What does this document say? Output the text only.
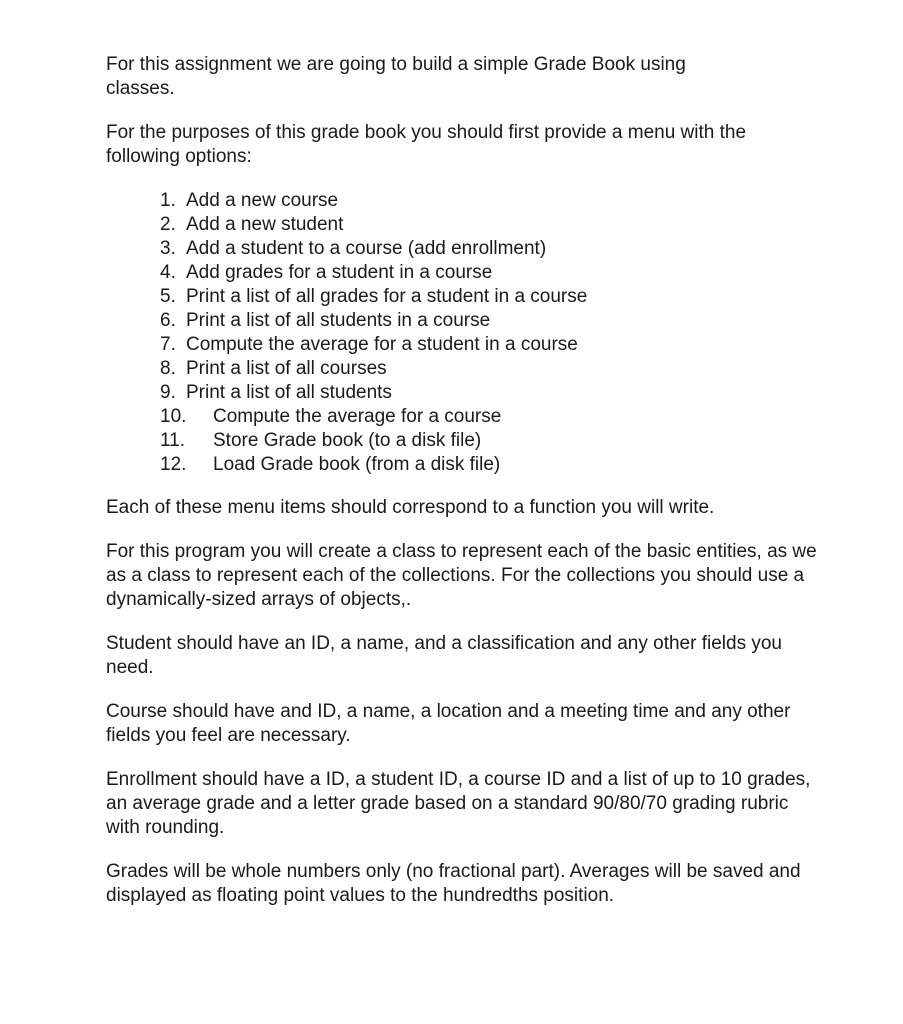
For this assignment we are going to build a simple Grade Book using
classes.

For the purposes of this grade book you should first provide a menu with the
following options:

1. Add a new course
2. Add a new student
3. Add a student to a course (add enrollment)
4. Add grades for a student in a course
5. Print a list of all grades for a student in a course
6. Print a list of all students in a course
7. Compute the average for a student in a course
8. Print a list of all courses
9. Print a list of all students
10.	Compute the average for a course
11.	Store Grade book (to a disk file)
12.	Load Grade book (from a disk file)

Each of these menu items should correspond to a function you will write.

For this program you will create a class to represent each of the basic entities, as we
as a class to represent each of the collections. For the collections you should use a
dynamically-sized arrays of objects,.

Student should have an ID, a name, and a classification and any other fields you
need.

Course should have and ID, a name, a location and a meeting time and any other
fields you feel are necessary.

Enrollment should have a ID, a student ID, a course ID and a list of up to 10 grades,
an average grade and a letter grade based on a standard 90/80/70 grading rubric
with rounding.

Grades will be whole numbers only (no fractional part). Averages will be saved and
displayed as floating point values to the hundredths position.
